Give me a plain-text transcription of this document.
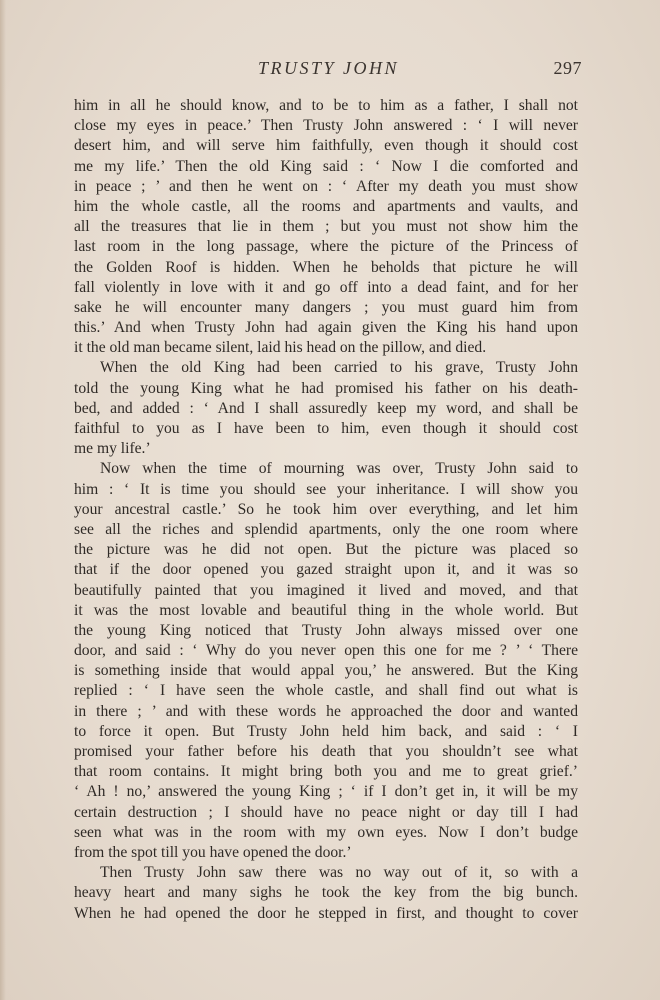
TRUSTY JOHN	297
him in all he should know, and to be to him as a father, I shall not
close my eyes in peace.’ Then Trusty John answered : ‘ I will never
desert him, and will serve him faithfully, even though it should cost
me my life.’ Then the old King said : ‘ Now I die comforted and
in peace ; ’ and then he went on : ‘ After my death you must show
him the whole castle, all the rooms and apartments and vaults, and
all the treasures that lie in them ; but you must not show him the
last room in the long passage, where the picture of the Princess of
the Golden Roof is hidden. When he beholds that picture he will
fall violently in love with it and go off into a dead faint, and for her
sake he will encounter many dangers ; you must guard him from
this.’ And when Trusty John had again given the King his hand upon
it the old man became silent, laid his head on the pillow, and died.
When the old King had been carried to his grave, Trusty John
told the young King what he had promised his father on his death-
bed, and added : ‘ And I shall assuredly keep my word, and shall be
faithful to you as I have been to him, even though it should cost
me my life.’
Now when the time of mourning was over, Trusty John said to
him : ‘ It is time you should see your inheritance. I will show you
your ancestral castle.’ So he took him over everything, and let him
see all the riches and splendid apartments, only the one room where
the picture was he did not open. But the picture was placed so
that if the door opened you gazed straight upon it, and it was so
beautifully painted that you imagined it lived and moved, and that
it was the most lovable and beautiful thing in the whole world. But
the young King noticed that Trusty John always missed over one
door, and said : ‘ Why do you never open this one for me ? ’ ‘ There
is something inside that would appal you,’ he answered. But the King
replied : ‘ I have seen the whole castle, and shall find out what is
in there ; ’ and with these words he approached the door and wanted
to force it open. But Trusty John held him back, and said : ‘ I
promised your father before his death that you shouldn’t see what
that room contains. It might bring both you and me to great grief.’
‘ Ah ! no,’ answered the young King ; ‘ if I don’t get in, it will be my
certain destruction ; I should have no peace night or day till I had
seen what was in the room with my own eyes. Now I don’t budge
from the spot till you have opened the door.’
Then Trusty John saw there was no way out of it, so with a
heavy heart and many sighs he took the key from the big bunch.
When he had opened the door he stepped in first, and thought to cover
